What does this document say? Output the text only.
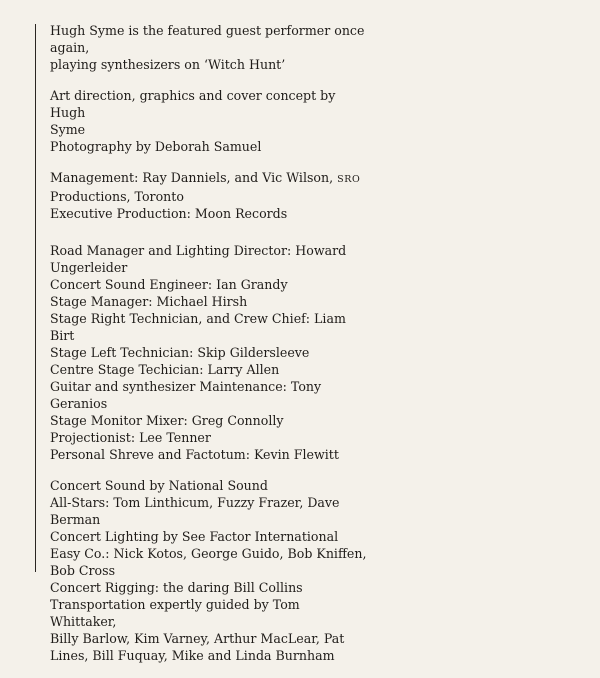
Hugh Syme is the featured guest performer once
again,
playing synthesizers on ‘Witch Hunt’
Art direction, graphics and cover concept by Hugh
Syme
Photography by Deborah Samuel
Management: Ray Danniels, and Vic Wilson, SRO
Productions, Toronto
Executive Production: Moon Records
Road Manager and Lighting Director: Howard
Ungerleider
Concert Sound Engineer: Ian Grandy
Stage Manager: Michael Hirsh
Stage Right Technician, and Crew Chief: Liam Birt
Stage Left Technician: Skip Gildersleeve
Centre Stage Techician: Larry Allen
Guitar and synthesizer Maintenance: Tony Geranios
Stage Monitor Mixer: Greg Connolly
Projectionist: Lee Tenner
Personal Shreve and Factotum: Kevin Flewitt
Concert Sound by National Sound
All-Stars: Tom Linthicum, Fuzzy Frazer, Dave
Berman
Concert Lighting by See Factor International
Easy Co.: Nick Kotos, George Guido, Bob Kniffen,
Bob Cross
Concert Rigging: the daring Bill Collins
Transportation expertly guided by Tom Whittaker,
Billy Barlow, Kim Varney, Arthur MacLear, Pat
Lines, Bill Fuquay, Mike and Linda Burnham
